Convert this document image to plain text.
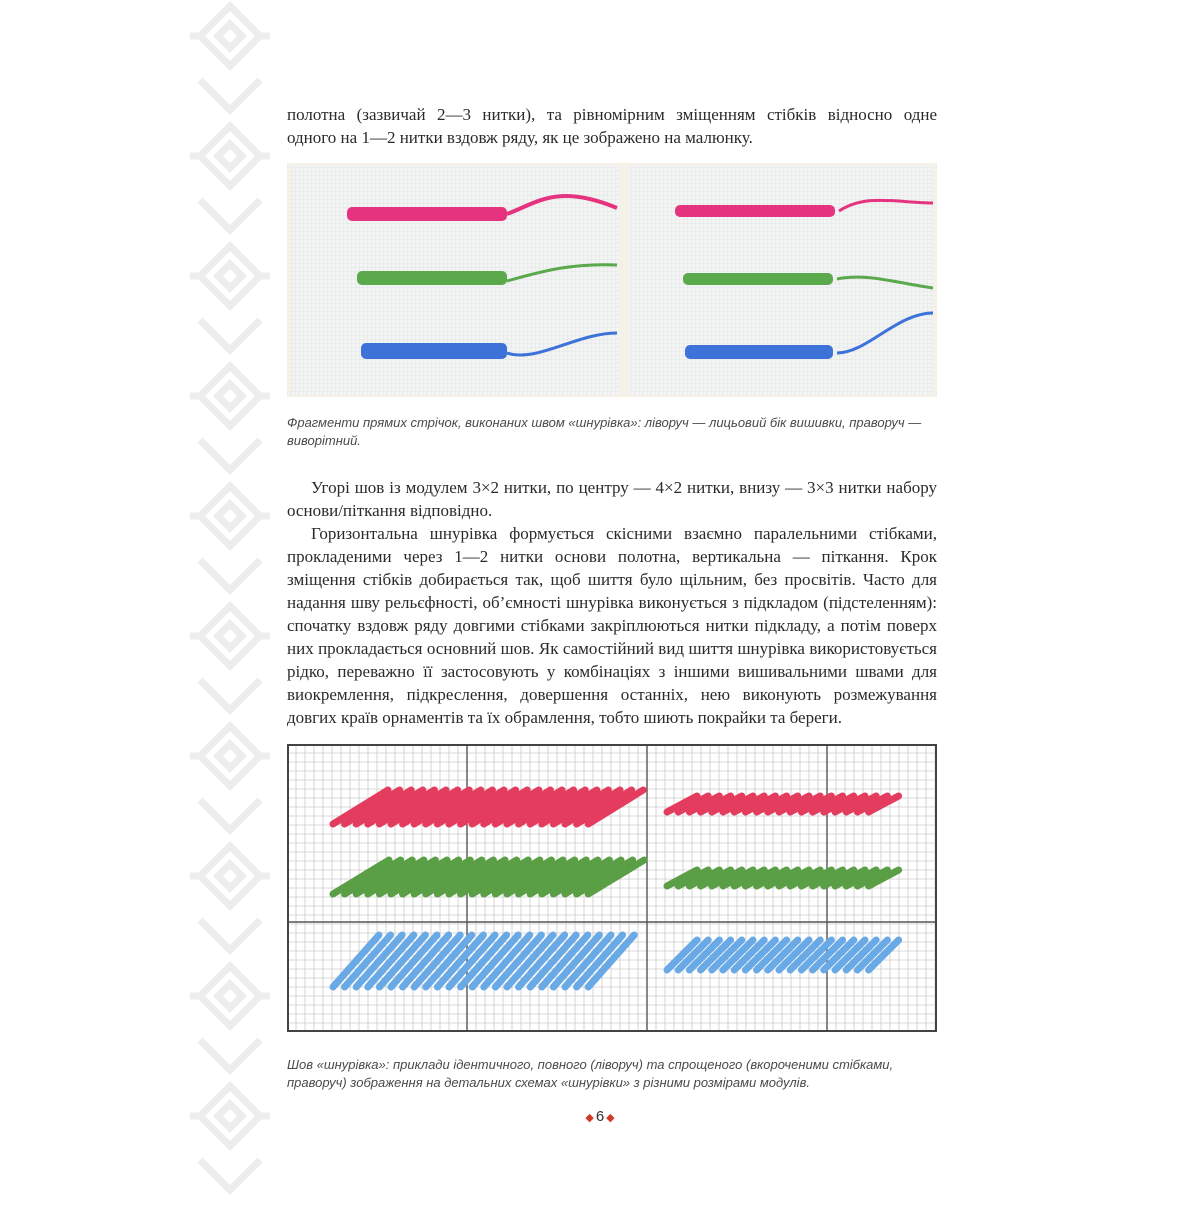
полотна (зазвичай 2—3 нитки), та рівномірним зміщенням стібків відносно одне

одного на 1—2 нитки вздовж ряду, як це зображено на малюнку.

Фрагменти прямих стрічок, виконаних швом «шнурівка»: ліворуч — лицьовий бік вишивки, праворуч — виворітний.

Угорі шов із модулем 3×2 нитки, по центру — 4×2 нитки, внизу — 3×3 нитки набору основи/піткання відповідно.

Горизонтальна шнурівка формується скісними взаємно паралельними стібками, прокладеними через 1—2 нитки основи полотна, вертикальна — піткання. Крок зміщення стібків добирається так, щоб шиття було щільним, без просвітів. Часто для надання шву рельєфності, об’ємності шнурівка виконується з підкладом (підстеленням): спочатку вздовж ряду довгими стібками закріплюються нитки підкладу, а потім поверх них прокладається основний шов. Як самостійний вид шиття шнурівка використовується рідко, переважно її застосовують у комбінаціях з іншими вишивальними швами для виокремлення, підкреслення, довершення останніх, нею виконують розмежування довгих країв орнаментів та їх обрамлення, тобто шиють покрайки та береги.

Шов «шнурівка»: приклади ідентичного, повного (ліворуч) та спрощеного (вкороченими стібками, праворуч) зображення на детальних схемах «шнурівки» з різними розмірами модулів.
◆ 6 ◆
